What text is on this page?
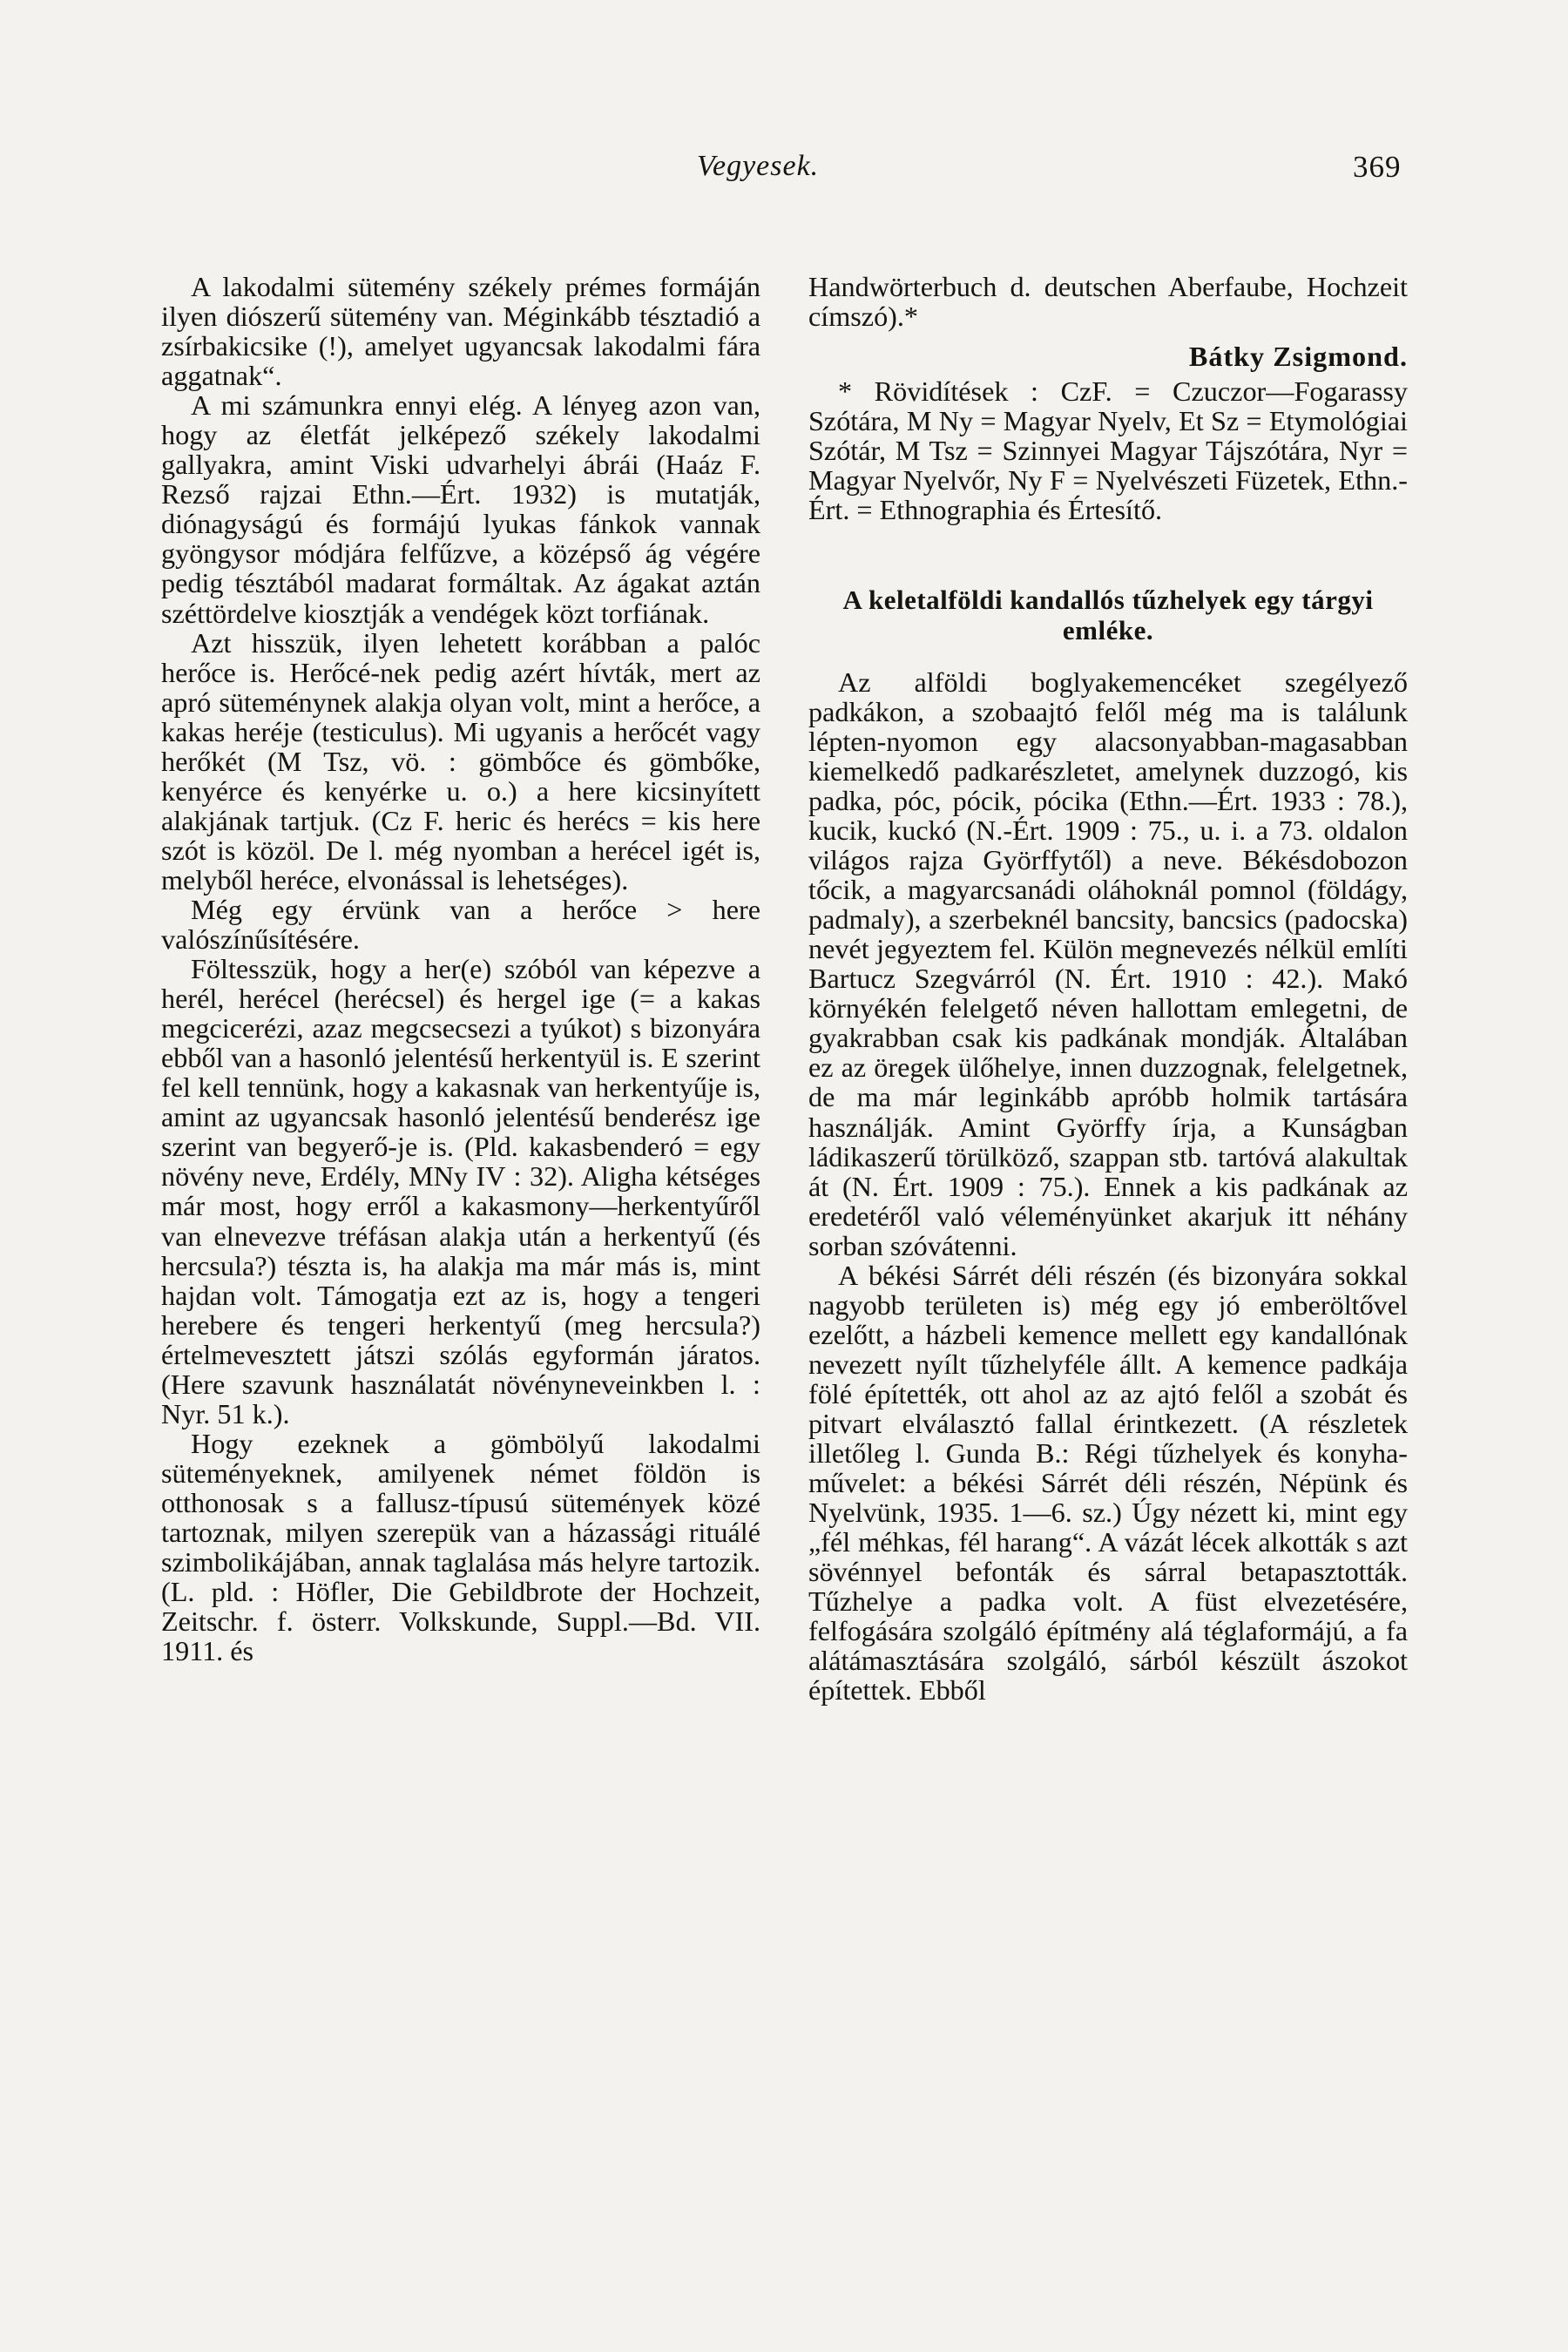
Vegyesek.	369

A lakodalmi sütemény székely prémes formáján ilyen diószerű sütemény van. Méginkább tésztadió a zsírbakicsike (!), amelyet ugyancsak lakodalmi fára aggatnak“.

A mi számunkra ennyi elég. A lényeg azon van, hogy az életfát jelképező székely lakodalmi gallyakra, amint Viski udvarhelyi ábrái (Haáz F. Rezső rajzai Ethn.—Ért. 1932) is mutatják, diónagyságú és formájú lyukas fánkok vannak gyöngysor módjára felfűzve, a középső ág végére pedig tésztából madarat formáltak. Az ágakat aztán széttördelve kiosztják a vendégek közt torfiának.

Azt hisszük, ilyen lehetett korábban a palóc herőce is. Herőcé-nek pedig azért hívták, mert az apró süteménynek alakja olyan volt, mint a herőce, a kakas heréje (testiculus). Mi ugyanis a herőcét vagy herőkét (M Tsz, vö. : gömbőce és gömbőke, kenyérce és kenyérke u. o.) a here kicsinyített alakjának tartjuk. (Cz F. heric és herécs = kis here szót is közöl. De l. még nyomban a herécel igét is, melyből herécе, elvonással is lehetséges).

Még egy érvünk van a herőce > here valószínűsítésére.

Föltesszük, hogy a her(e) szóból van képezve a herél, herécel (herécsel) és hergel ige (= a kakas megcicerézi, azaz megcsecsezi a tyúkot) s bizonyára ebből van a hasonló jelentésű herkentyül is. E szerint fel kell tennünk, hogy a kakasnak van herkentyűje is, amint az ugyancsak hasonló jelentésű benderész ige szerint van begyerő-je is. (Pld. kakasbenderó = egy növény neve, Erdély, MNy IV : 32). Aligha kétséges már most, hogy erről a kakasmony—herkentyűről van elnevezve tréfásan alakja után a herkentyű (és hercsula?) tészta is, ha alakja ma már más is, mint hajdan volt. Támogatja ezt az is, hogy a tengeri herebere és tengeri herkentyű (meg hercsula?) értelmevesztett játszi szólás egyformán járatos. (Here szavunk használatát növényneveinkben l. : Nyr. 51 k.).

Hogy ezeknek a gömbölyű lakodalmi süteményeknek, amilyenek német földön is otthonosak s a fallusz-típusú sütemények közé tartoznak, milyen szerepük van a házassági rituálé szimbolikájában, annak taglalása más helyre tartozik. (L. pld. : Höfler, Die Gebildbrote der Hochzeit, Zeitschr. f. österr. Volkskunde, Suppl.—Bd. VII. 1911. és

Handwörterbuch d. deutschen Aberfaube, Hochzeit címszó).*

Bátky Zsigmond.

* Rövidítések : CzF. = Czuczor—Fogarassy Szótára, M Ny = Magyar Nyelv, Et Sz = Etymológiai Szótár, M Tsz = Szinnyei Magyar Tájszótára, Nyr = Magyar Nyelvőr, Ny F = Nyelvészeti Füzetek, Ethn.-Ért. = Ethnographia és Értesítő.

A keletalföldi kandallós tűzhelyek egy tárgyi emléke.

Az alföldi boglyakemencéket szegélyező padkákon, a szobaajtó felől még ma is találunk lépten-nyomon egy alacsonyabban-magasabban kiemelkedő padkarészletet, amelynek duzzogó, kis padka, póc, pócik, pócika (Ethn.—Ért. 1933 : 78.), kucik, kuckó (N.-Ért. 1909 : 75., u. i. a 73. oldalon világos rajza Györffytől) a neve. Békésdobozon tőcik, a magyarcsanádi oláhoknál pomnol (földágy, padmaly), a szerbeknél bancsity, bancsics (padocska) nevét jegyeztem fel. Külön megnevezés nélkül említi Bartucz Szegvárról (N. Ért. 1910 : 42.). Makó környékén felelgető néven hallottam emlegetni, de gyakrabban csak kis padkának mondják. Általában ez az öregek ülőhelye, innen duzzognak, felelgetnek, de ma már leginkább apróbb holmik tartására használják. Amint Györffy írja, a Kunságban ládikaszerű törülköző, szappan stb. tartóvá alakultak át (N. Ért. 1909 : 75.). Ennek a kis padkának az eredetéről való véleményünket akarjuk itt néhány sorban szóvátenni.

A békési Sárrét déli részén (és bizonyára sokkal nagyobb területen is) még egy jó emberöltővel ezelőtt, a házbeli kemence mellett egy kandallónak nevezett nyílt tűzhelyféle állt. A kemence padkája fölé építették, ott ahol az az ajtó felől a szobát és pitvart elválasztó fallal érintkezett. (A részletek illetőleg l. Gunda B.: Régi tűzhelyek és konyha-művelet: a békési Sárrét déli részén, Népünk és Nyelvünk, 1935. 1—6. sz.) Úgy nézett ki, mint egy „fél méhkas, fél harang“. A vázát lécek alkották s azt sövénnyel befonták és sárral betapasztották. Tűzhelye a padka volt. A füst elvezetésére, felfogására szolgáló építmény alá téglaformájú, a fa alátámasztására szolgáló, sárból készült ászokot építettek. Ebből
